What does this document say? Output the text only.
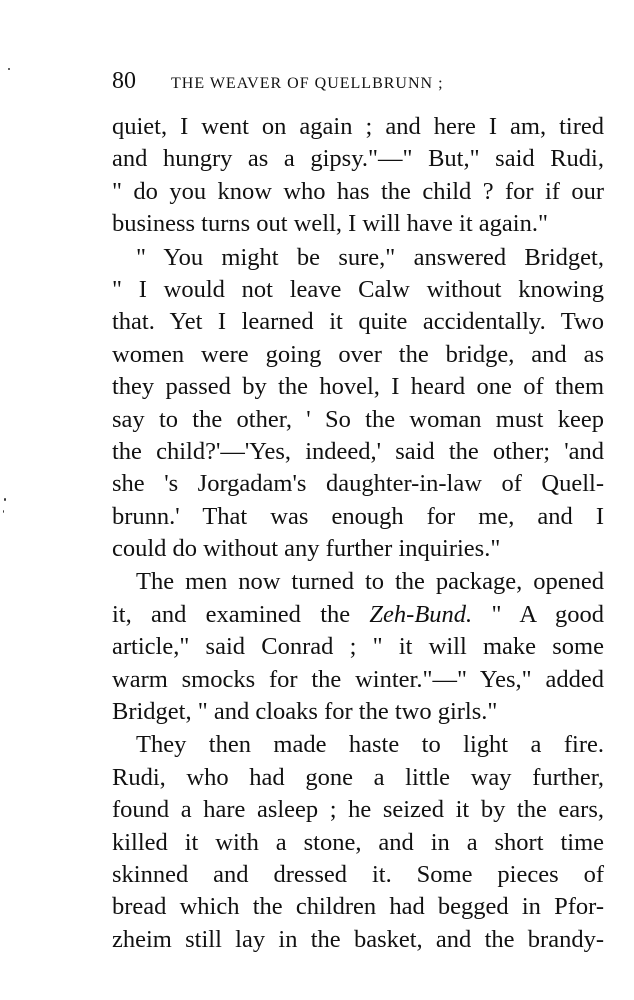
80 THE WEAVER OF QUELLBRUNN ;
quiet, I went on again ; and here I am, tired
and hungry as a gipsy."—" But," said Rudi,
" do you know who has the child ? for if our
business turns out well, I will have it again."
" You might be sure," answered Bridget,
" I would not leave Calw without knowing
that. Yet I learned it quite accidentally. Two
women were going over the bridge, and as
they passed by the hovel, I heard one of them
say to the other, ' So the woman must keep
the child?'—'Yes, indeed,' said the other; 'and
she 's Jorgadam's daughter-in-law of Quell-
brunn.' That was enough for me, and I
could do without any further inquiries."
The men now turned to the package, opened
it, and examined the Zeh-Bund. " A good
article," said Conrad ; " it will make some
warm smocks for the winter."—" Yes," added
Bridget, " and cloaks for the two girls."
They then made haste to light a fire.
Rudi, who had gone a little way further,
found a hare asleep ; he seized it by the ears,
killed it with a stone, and in a short time
skinned and dressed it. Some pieces of
bread which the children had begged in Pfor-
zheim still lay in the basket, and the brandy-
